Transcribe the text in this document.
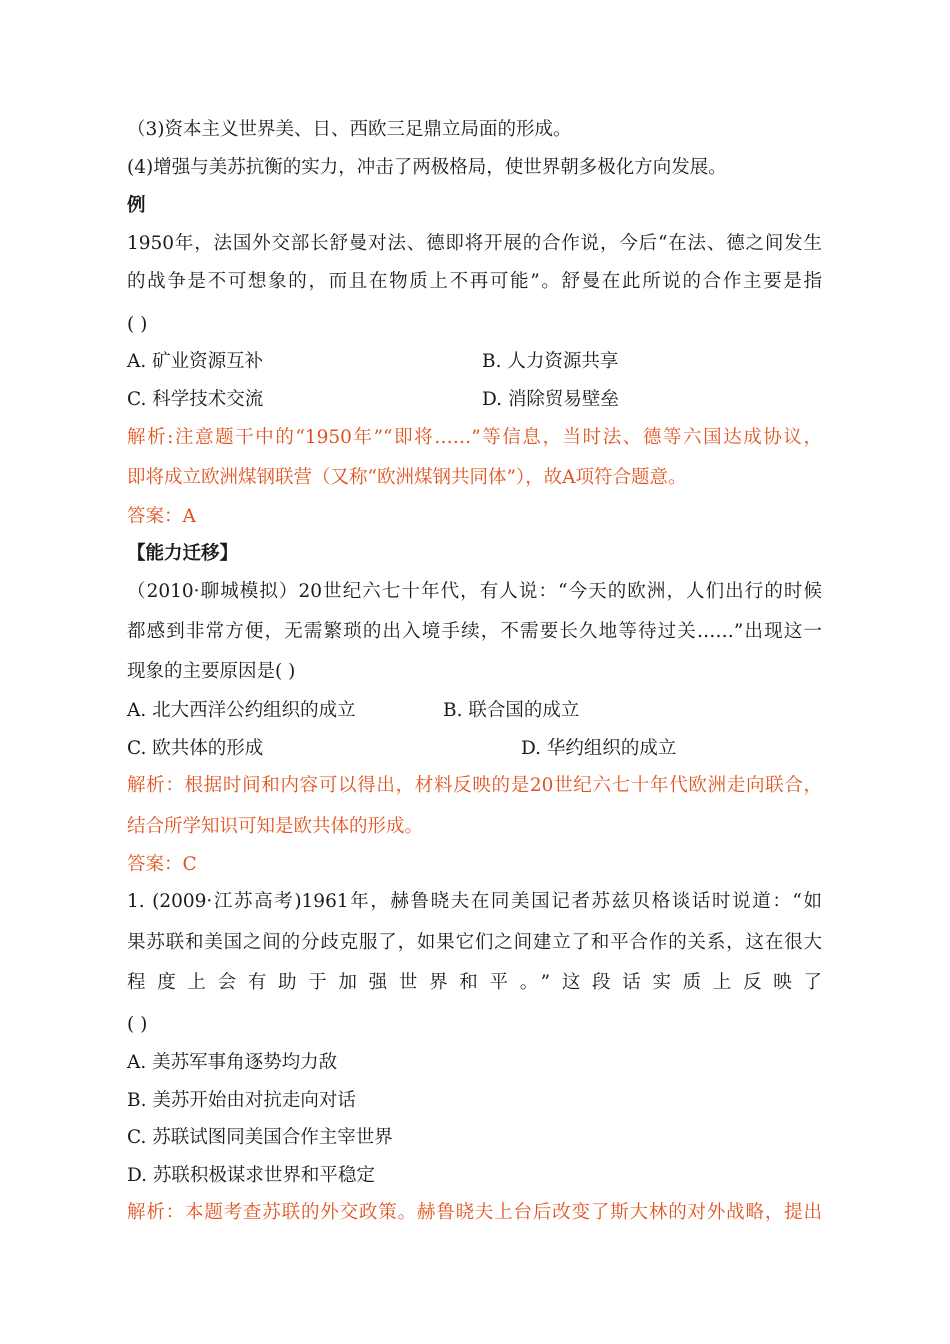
（3)资本主义世界美、日、西欧三足鼎立局面的形成。
(4)增强与美苏抗衡的实力，冲击了两极格局，使世界朝多极化方向发展。
例
1950年，法国外交部长舒曼对法、德即将开展的合作说，今后“在法、德之间发生
的战争是不可想象的，而且在物质上不再可能”。舒曼在此所说的合作主要是指
( )
A. 矿业资源互补	B. 人力资源共享
C. 科学技术交流	D. 消除贸易壁垒
解析:注意题干中的“1950年”“即将……”等信息，当时法、德等六国达成协议，
即将成立欧洲煤钢联营（又称“欧洲煤钢共同体”），故A项符合题意。
答案：A
【能力迁移】
（2010·聊城模拟）20世纪六七十年代，有人说：“今天的欧洲，人们出行的时候
都感到非常方便，无需繁琐的出入境手续，不需要长久地等待过关……”出现这一
现象的主要原因是( )
A. 北大西洋公约组织的成立	B. 联合国的成立
C. 欧共体的形成	D. 华约组织的成立
解析：根据时间和内容可以得出，材料反映的是20世纪六七十年代欧洲走向联合，
结合所学知识可知是欧共体的形成。
答案：C
1. (2009·江苏高考)1961年，赫鲁晓夫在同美国记者苏兹贝格谈话时说道：“如
果苏联和美国之间的分歧克服了，如果它们之间建立了和平合作的关系，这在很大
程度上会有助于加强世界和平。”这段话实质上反映了
( )
A. 美苏军事角逐势均力敌
B. 美苏开始由对抗走向对话
C. 苏联试图同美国合作主宰世界
D. 苏联积极谋求世界和平稳定
解析：本题考查苏联的外交政策。赫鲁晓夫上台后改变了斯大林的对外战略，提出
